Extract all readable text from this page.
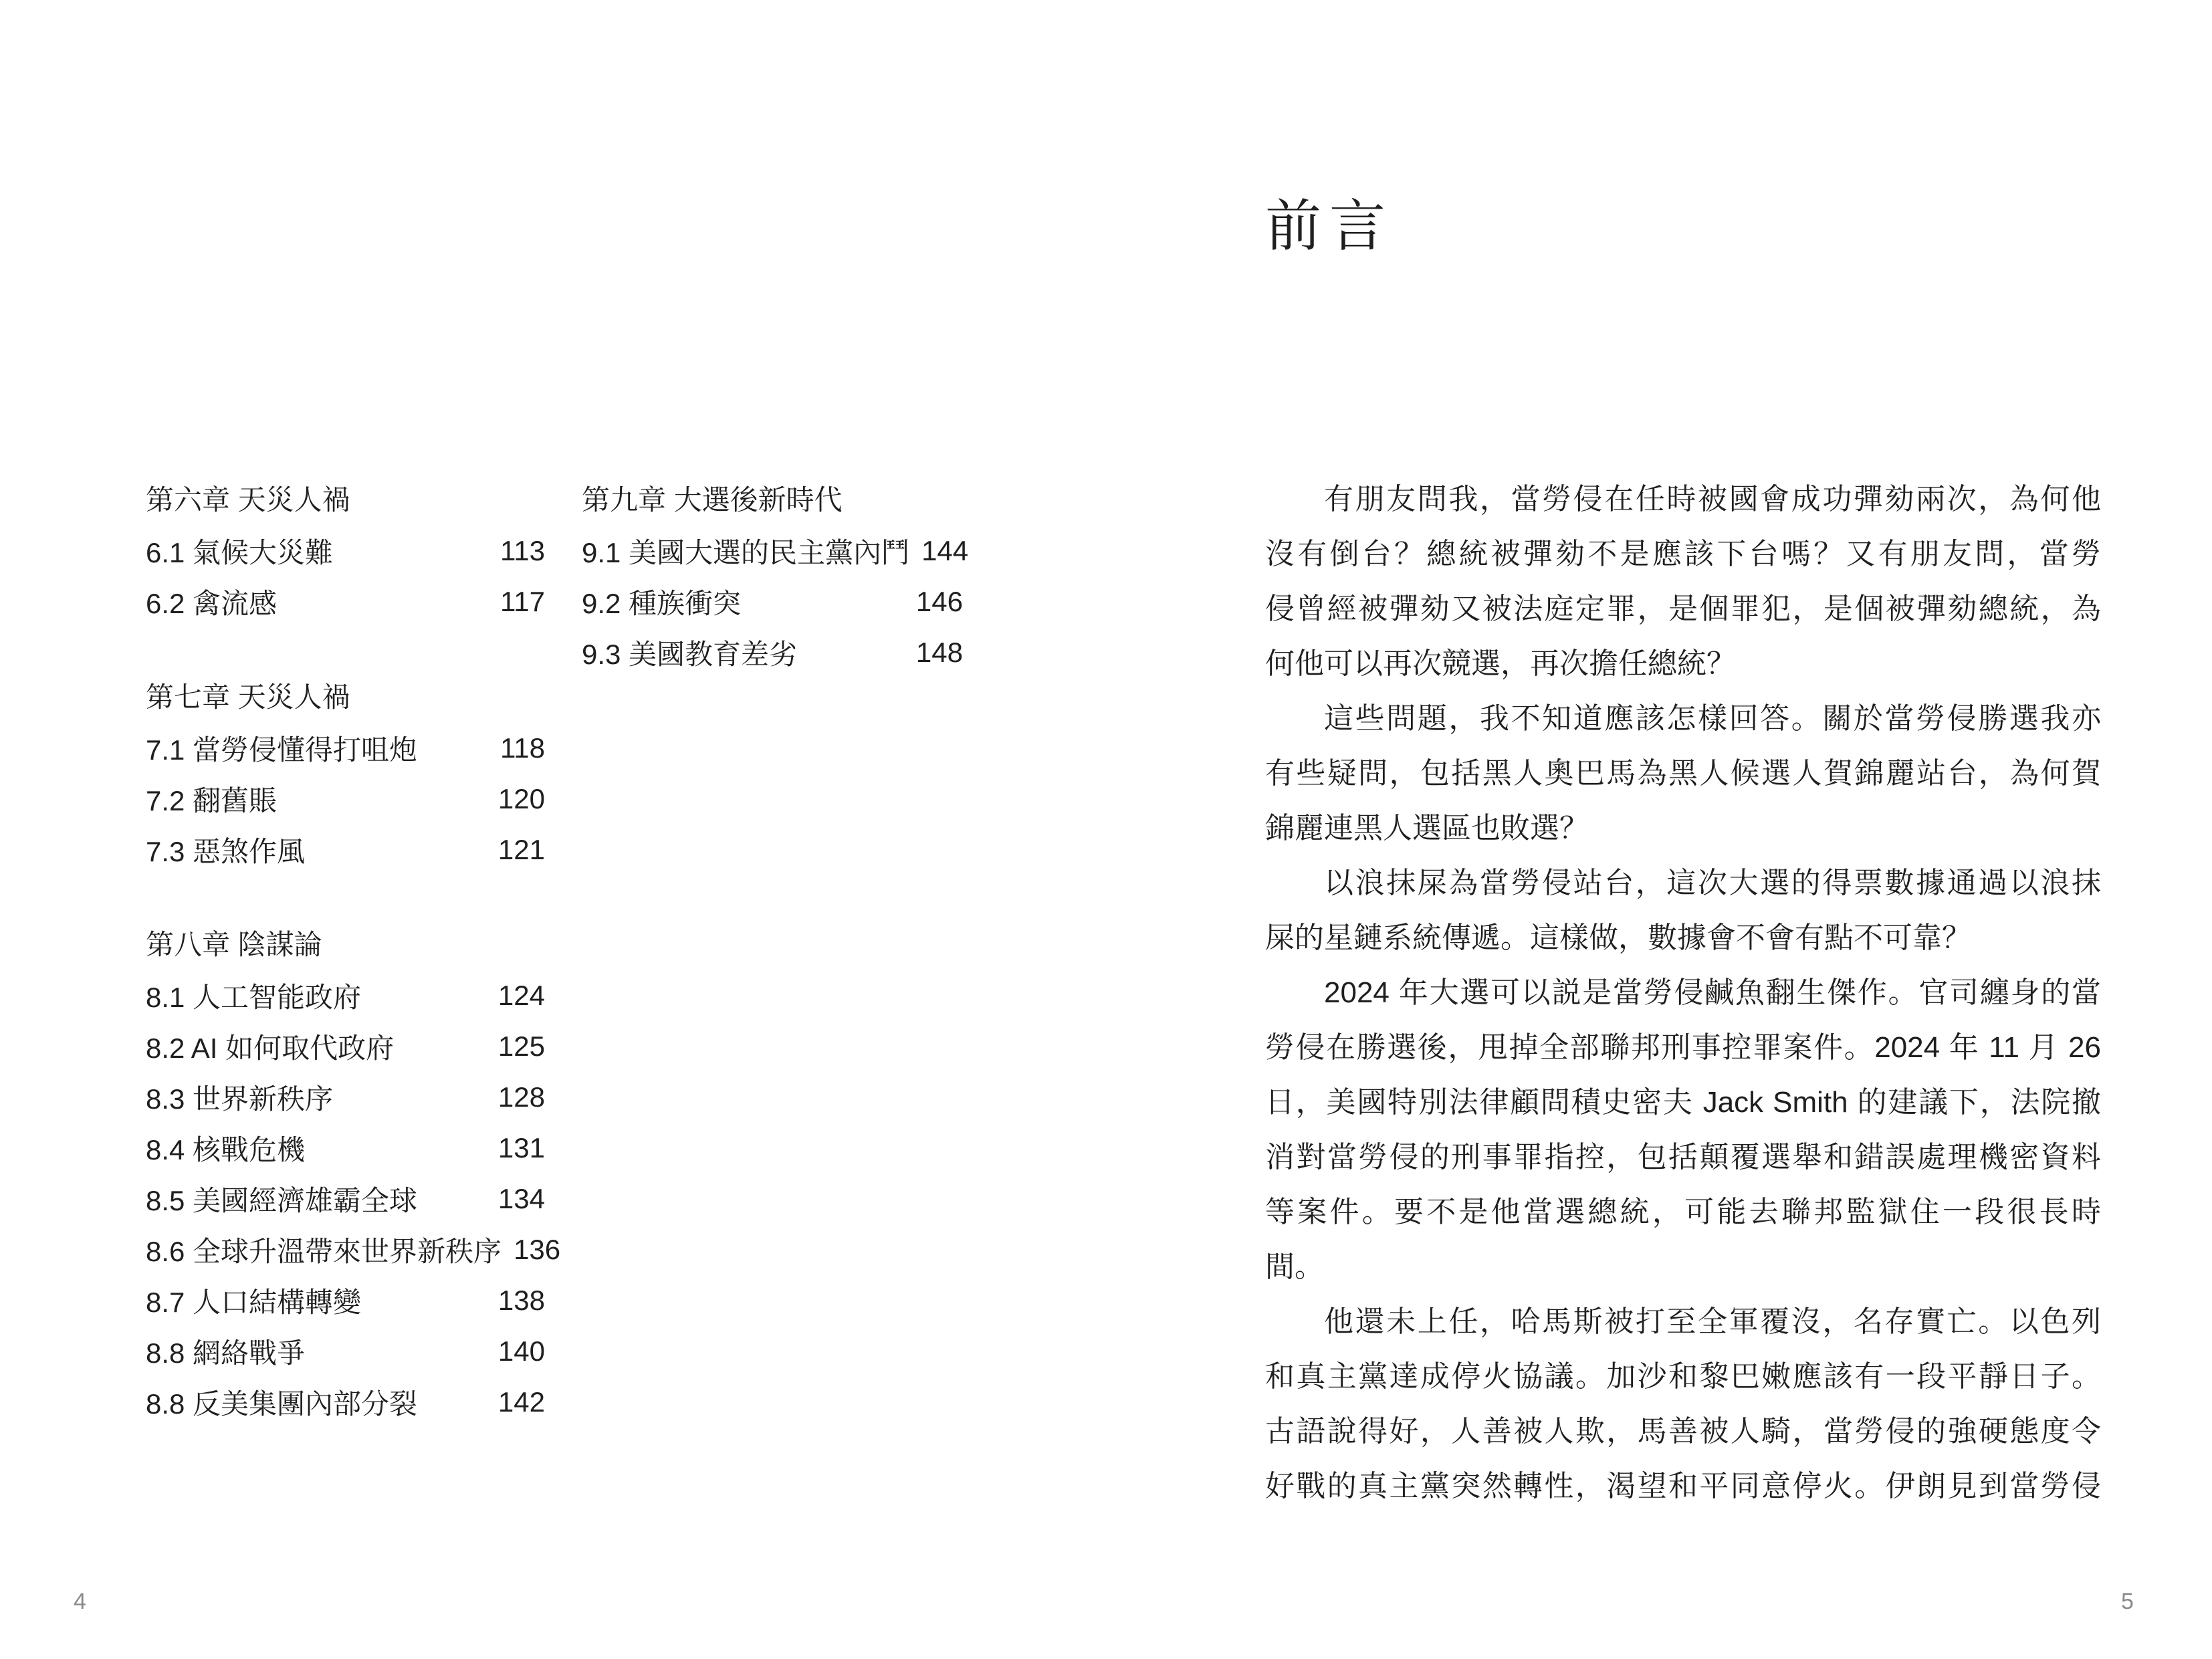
第六章 天災人禍
6.1 氣候大災難	113
6.2 禽流感	117
第七章 天災人禍
7.1 當勞侵懂得打咀炮	118
7.2 翻舊賬	120
7.3 惡煞作風	121
第八章 陰謀論
8.1 人工智能政府	124
8.2 AI 如何取代政府	125
8.3 世界新秩序	128
8.4 核戰危機	131
8.5 美國經濟雄霸全球	134
8.6 全球升溫帶來世界新秩序 136
8.7 人口結構轉變	138
8.8 網絡戰爭	140
8.8 反美集團內部分裂	142
第九章 大選後新時代
9.1 美國大選的民主黨內鬥 144
9.2 種族衝突	146
9.3 美國教育差劣	148
前言
有朋友問我，當勞侵在任時被國會成功彈劾兩次，為何他
沒有倒台？總統被彈劾不是應該下台嗎？又有朋友問，當勞
侵曾經被彈劾又被法庭定罪，是個罪犯，是個被彈劾總統，為
何他可以再次競選，再次擔任總統？
這些問題，我不知道應該怎樣回答。關於當勞侵勝選我亦
有些疑問，包括黑人奧巴馬為黑人候選人賀錦麗站台，為何賀
錦麗連黑人選區也敗選？
以浪抹屎為當勞侵站台，這次大選的得票數據通過以浪抹
屎的星鏈系統傳遞。這樣做，數據會不會有點不可靠？
2024 年大選可以説是當勞侵鹹魚翻生傑作。官司纏身的當
勞侵在勝選後，甩掉全部聯邦刑事控罪案件。2024 年 11 月 26
日，美國特別法律顧問積史密夫 Jack Smith 的建議下，法院撤
消對當勞侵的刑事罪指控，包括顛覆選舉和錯誤處理機密資料
等案件。要不是他當選總統，可能去聯邦監獄住一段很長時
間。
他還未上任，哈馬斯被打至全軍覆沒，名存實亡。以色列
和真主黨達成停火協議。加沙和黎巴嫩應該有一段平靜日子。
古語說得好，人善被人欺，馬善被人騎，當勞侵的強硬態度令
好戰的真主黨突然轉性，渴望和平同意停火。伊朗見到當勞侵
4	5
